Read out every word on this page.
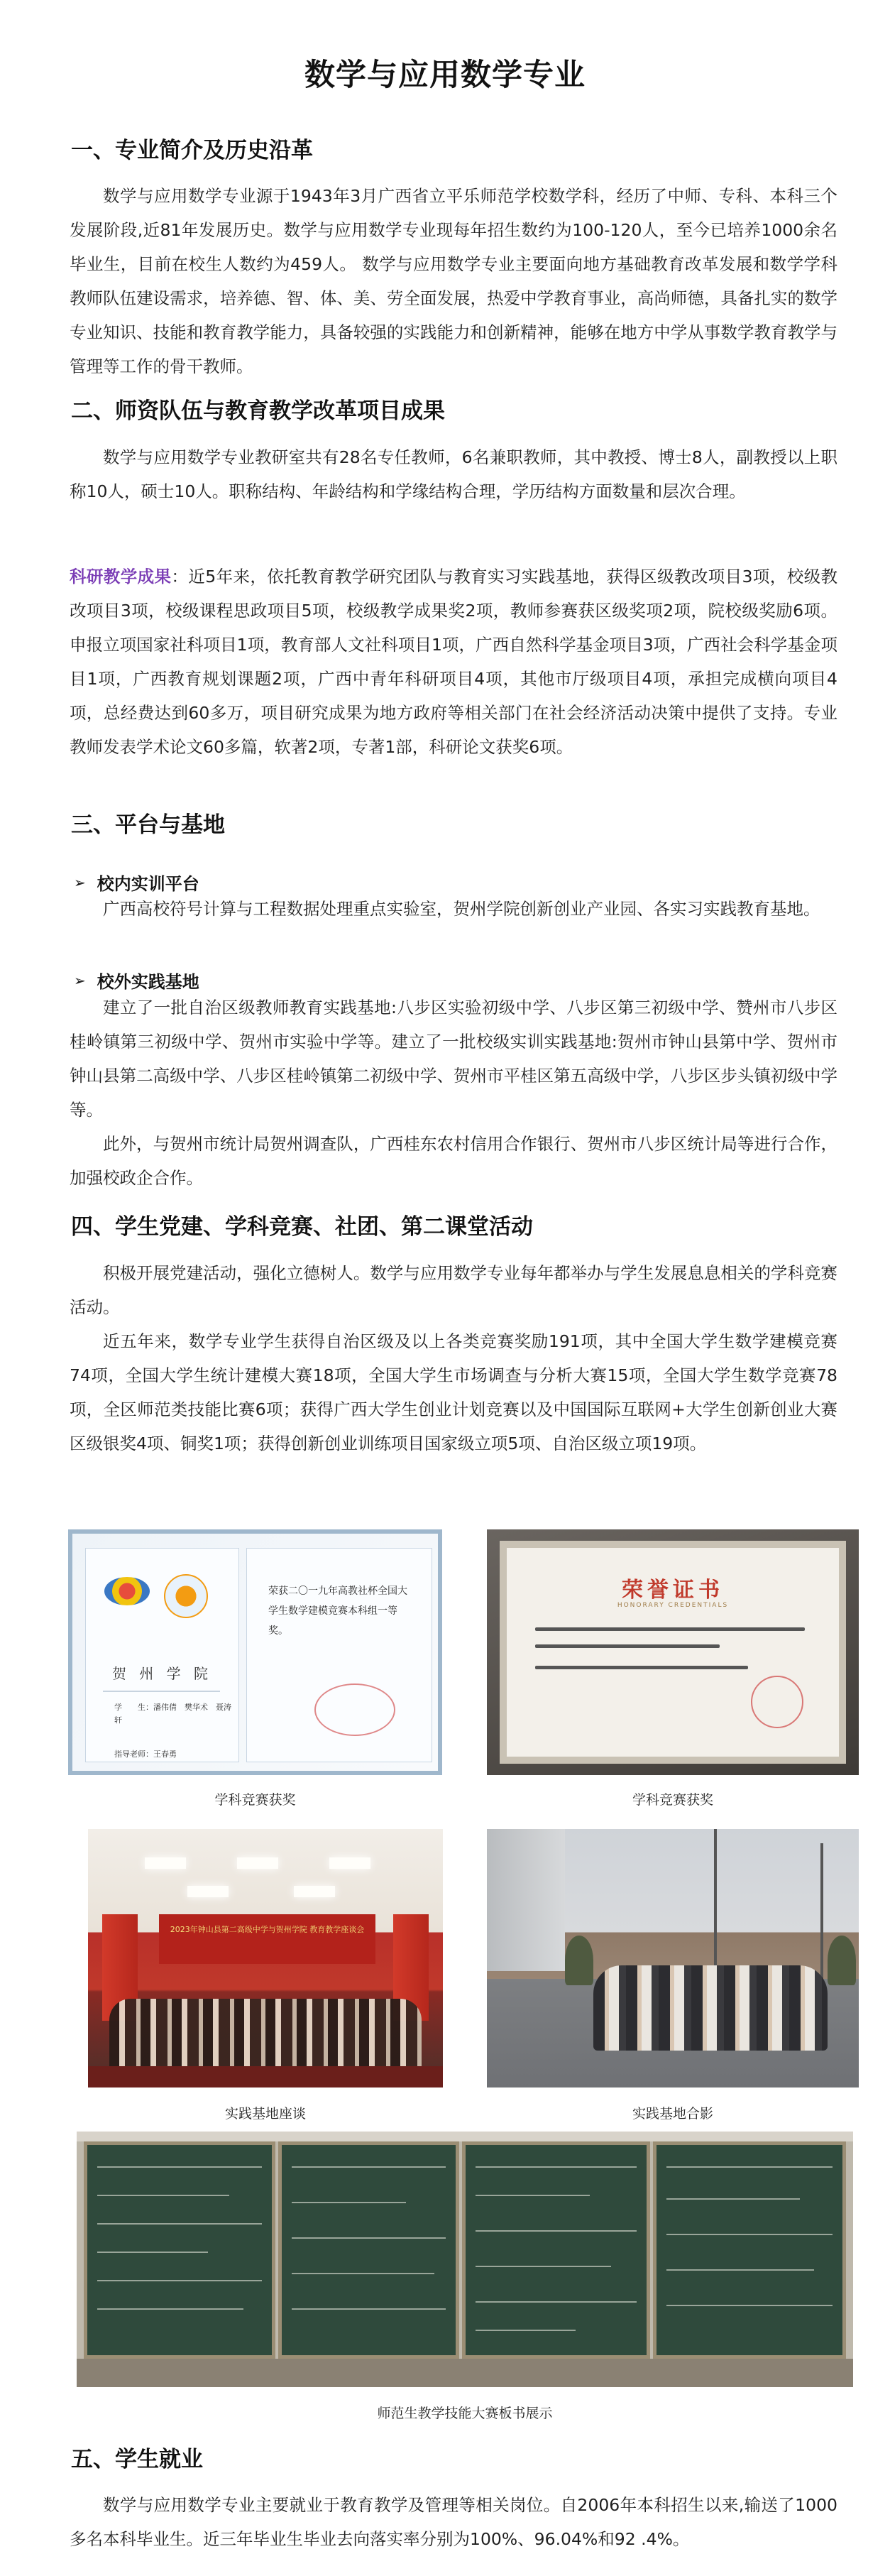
数学与应用数学专业
一、专业简介及历史沿革
数学与应用数学专业源于1943年3月广西省立平乐师范学校数学科，经历了中师、专科、本科三个发展阶段,近81年发展历史。数学与应用数学专业现每年招生数约为100-120人，至今已培养1000余名毕业生，目前在校生人数约为459人。 数学与应用数学专业主要面向地方基础教育改革发展和数学学科教师队伍建设需求，培养德、智、体、美、劳全面发展，热爱中学教育事业，高尚师德，具备扎实的数学专业知识、技能和教育教学能力，具备较强的实践能力和创新精神，能够在地方中学从事数学教育教学与管理等工作的骨干教师。
二、师资队伍与教育教学改革项目成果
数学与应用数学专业教研室共有28名专任教师，6名兼职教师，其中教授、博士8人，副教授以上职称10人，硕士10人。职称结构、年龄结构和学缘结构合理，学历结构方面数量和层次合理。
科研教学成果：近5年来，依托教育教学研究团队与教育实习实践基地，获得区级教改项目3项，校级教改项目3项，校级课程思政项目5项，校级教学成果奖2项，教师参赛获区级奖项2项，院校级奖励6项。申报立项国家社科项目1项，教育部人文社科项目1项，广西自然科学基金项目3项，广西社会科学基金项目1项，广西教育规划课题2项，广西中青年科研项目4项，其他市厅级项目4项，承担完成横向项目4项，总经费达到60多万，项目研究成果为地方政府等相关部门在社会经济活动决策中提供了支持。专业教师发表学术论文60多篇，软著2项，专著1部，科研论文获奖6项。
三、平台与基地
➢ 校内实训平台
广西高校符号计算与工程数据处理重点实验室，贺州学院创新创业产业园、各实习实践教育基地。
➢ 校外实践基地
建立了一批自治区级教师教育实践基地:八步区实验初级中学、八步区第三初级中学、赞州市八步区桂岭镇第三初级中学、贺州市实验中学等。建立了一批校级实训实践基地:贺州市钟山县第中学、贺州市钟山县第二高级中学、八步区桂岭镇第二初级中学、贺州市平桂区第五高级中学，八步区步头镇初级中学等。
此外，与贺州市统计局贺州调查队，广西桂东农村信用合作银行、贺州市八步区统计局等进行合作，加强校政企合作。
四、学生党建、学科竞赛、社团、第二课堂活动
积极开展党建活动，强化立德树人。数学与应用数学专业每年都举办与学生发展息息相关的学科竞赛活动。
近五年来，数学专业学生获得自治区级及以上各类竞赛奖励191项，其中全国大学生数学建模竞赛74项，全国大学生统计建模大赛18项，全国大学生市场调查与分析大赛15项，全国大学生数学竞赛78项，全区师范类技能比赛6项；获得广西大学生创业计划竞赛以及中国国际互联网+大学生创新创业大赛区级银奖4项、铜奖1项；获得创新创业训练项目国家级立项5项、自治区级立项19项。
贺 州 学 院
学　　生：潘伟倩　樊华术　聂涛轩
指导老师：王春勇
荣获二〇一九年高教社杯全国大学生数学建模竞赛本科组一等奖。
学科竞赛获奖
荣誉证书
HONORARY CREDENTIALS
学科竞赛获奖
2023年钟山县第二高级中学与贺州学院 教育教学座谈会
实践基地座谈	实践基地合影
师范生教学技能大赛板书展示
五、学生就业
数学与应用数学专业主要就业于教育教学及管理等相关岗位。自2006年本科招生以来,输送了1000多名本科毕业生。近三年毕业生毕业去向落实率分别为100%、96.04%和92 .4%。
